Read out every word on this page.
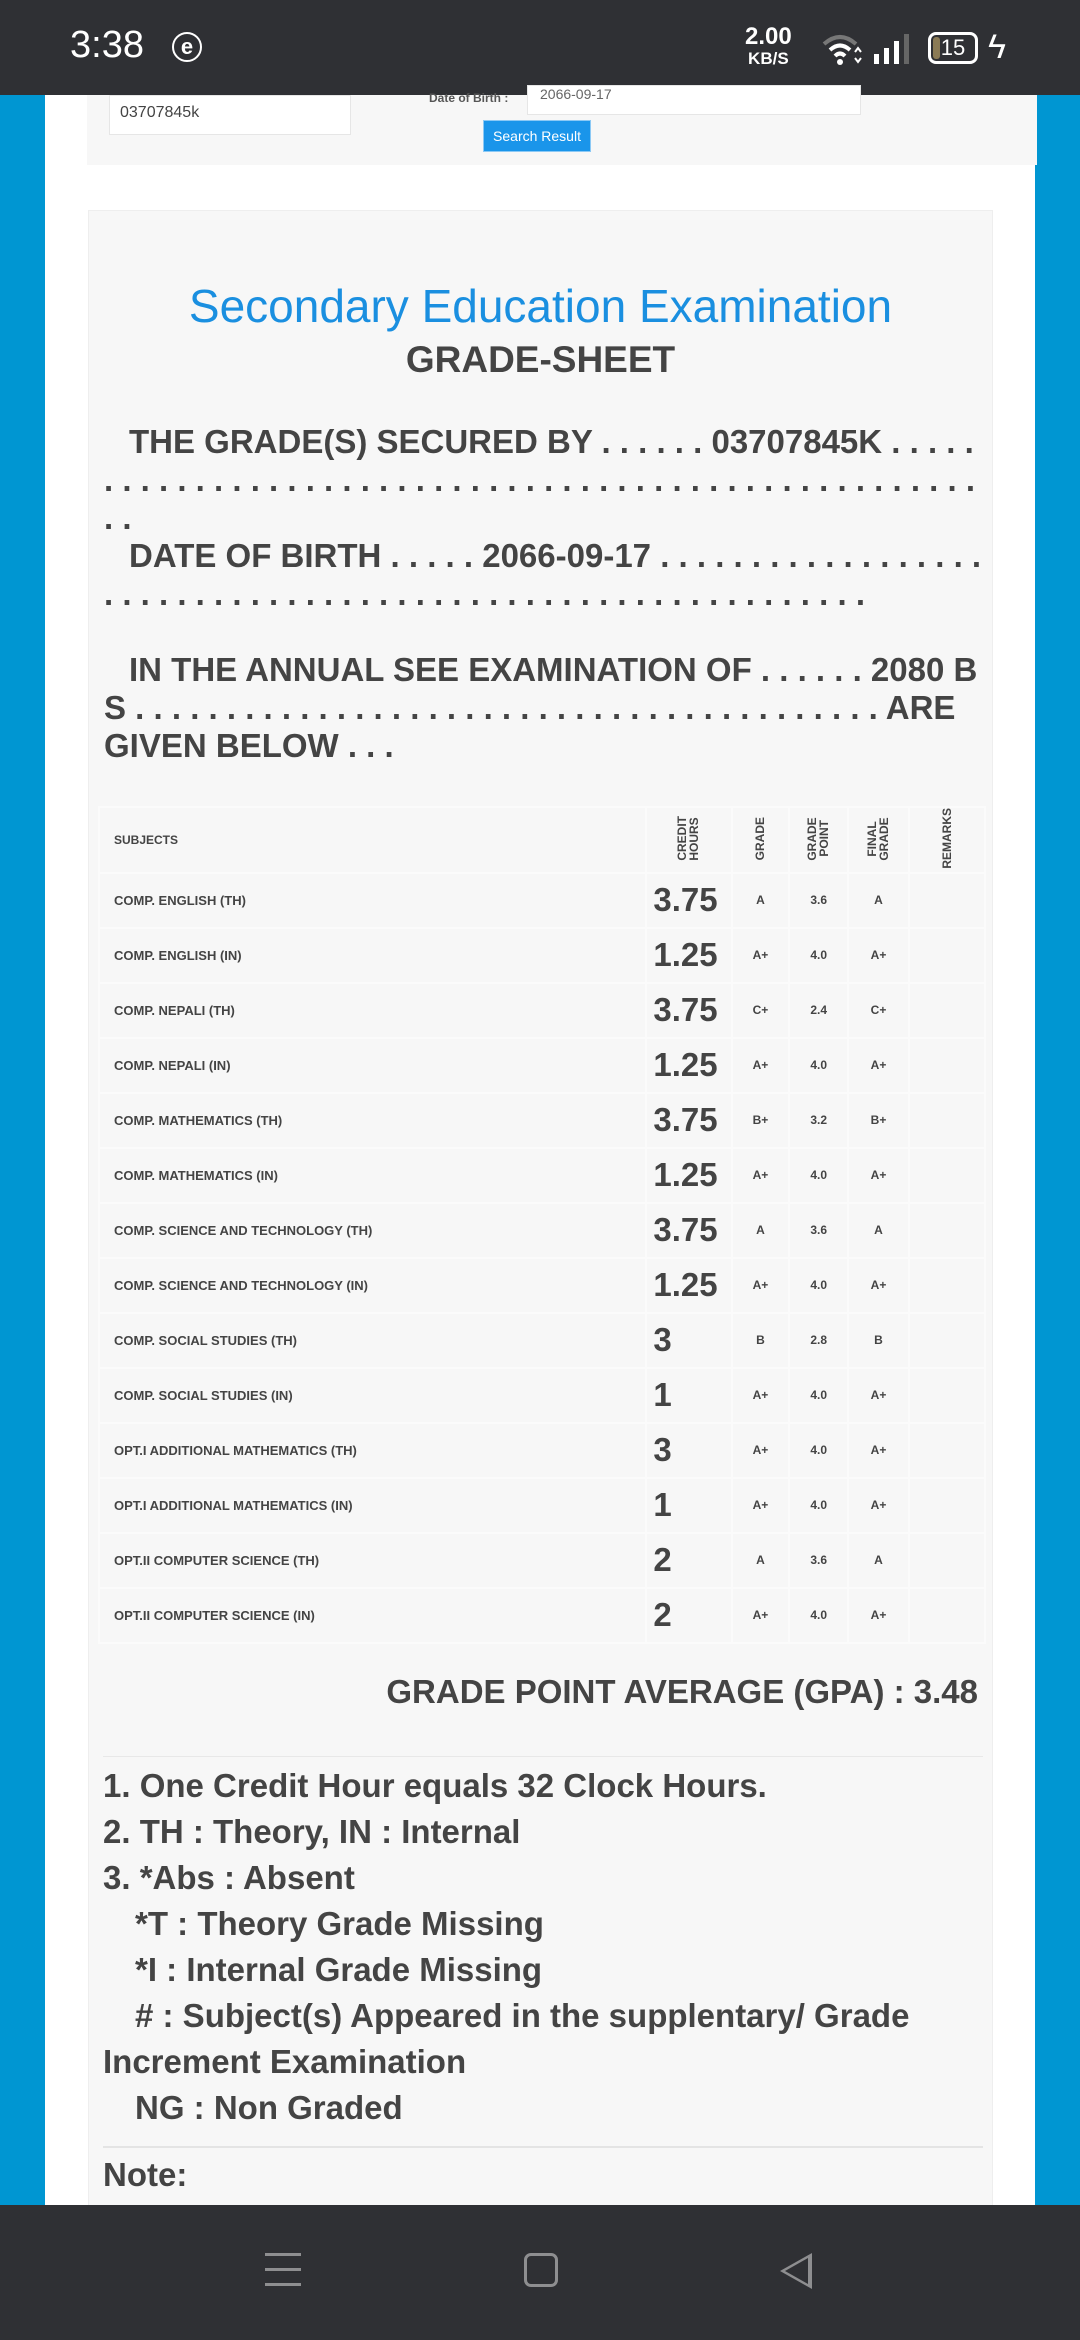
3:38	e	2.00
KB/S	15 ϟ
03707845k
Date of Birth :	2066-09-17
Search Result
Secondary Education Examination
GRADE-SHEET
THE GRADE(S) SECURED BY . . . . . . 03707845K . . . . . . . . . . . . . . . . . . . . . . . . . . . . . . . . . . . . . . . . . . . . . . . . . . . . . . .
DATE OF BIRTH . . . . . 2066-09-17 . . . . . . . . . . . . . . . . . . . . . . . . . . . . . . . . . . . . . . . . . . . . . . . . . . . . . . . . . . . .
IN THE ANNUAL SEE EXAMINATION OF . . . . . . 2080 BS . . . . . . . . . . . . . . . . . . . . . . . . . . . . . . . . . . . . . . . . . ARE GIVEN BELOW . . .
SUBJECTS	CREDIT HOURS	GRADE	GRADE POINT	FINAL GRADE	REMARKS
COMP. ENGLISH (TH)	3.75	A	3.6	A	
COMP. ENGLISH (IN)	1.25	A+	4.0	A+	
COMP. NEPALI (TH)	3.75	C+	2.4	C+	
COMP. NEPALI (IN)	1.25	A+	4.0	A+	
COMP. MATHEMATICS (TH)	3.75	B+	3.2	B+	
COMP. MATHEMATICS (IN)	1.25	A+	4.0	A+	
COMP. SCIENCE AND TECHNOLOGY (TH)	3.75	A	3.6	A	
COMP. SCIENCE AND TECHNOLOGY (IN)	1.25	A+	4.0	A+	
COMP. SOCIAL STUDIES (TH)	3	B	2.8	B	
COMP. SOCIAL STUDIES (IN)	1	A+	4.0	A+	
OPT.I ADDITIONAL MATHEMATICS (TH)	3	A+	4.0	A+	
OPT.I ADDITIONAL MATHEMATICS (IN)	1	A+	4.0	A+	
OPT.II COMPUTER SCIENCE (TH)	2	A	3.6	A	
OPT.II COMPUTER SCIENCE (IN)	2	A+	4.0	A+	
GRADE POINT AVERAGE (GPA) : 3.48
1. One Credit Hour equals 32 Clock Hours.
2. TH : Theory, IN : Internal
3. *Abs : Absent
*T : Theory Grade Missing
*I : Internal Grade Missing
# : Subject(s) Appeared in the supplentary/ Grade Increment Examination
NG : Non Graded
Note:
